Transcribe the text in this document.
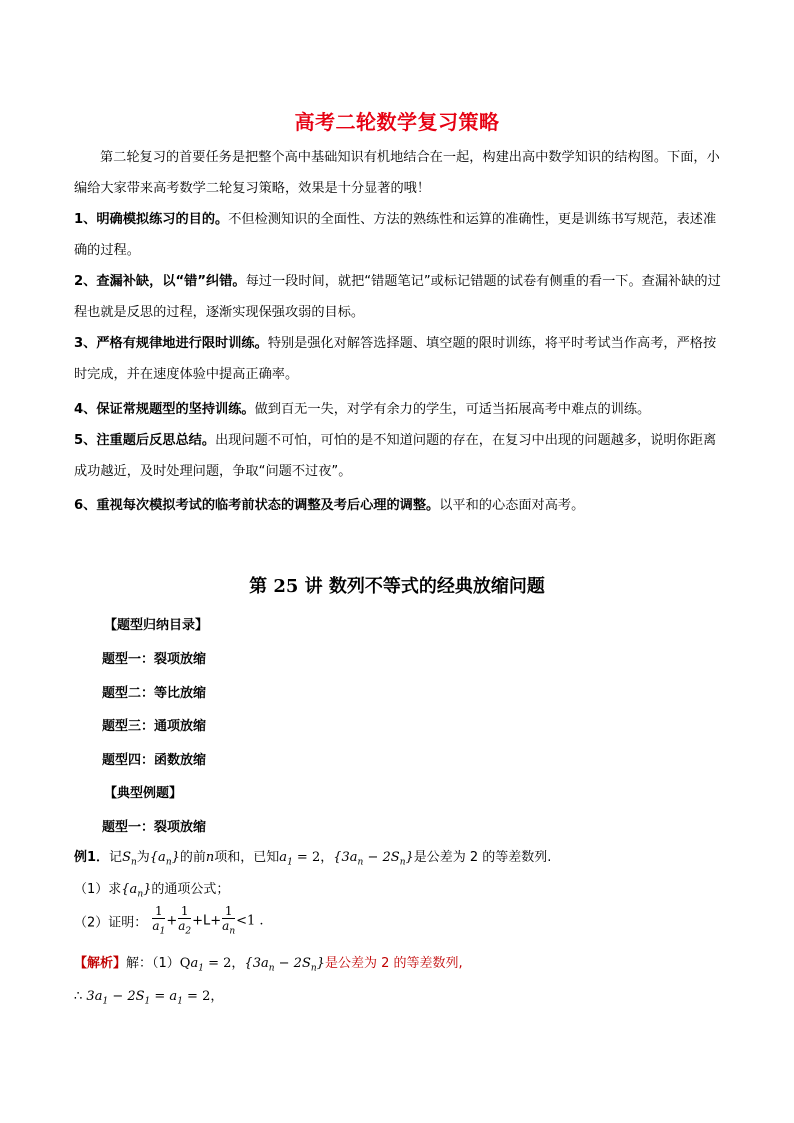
高考二轮数学复习策略
第二轮复习的首要任务是把整个高中基础知识有机地结合在一起，构建出高中数学知识的结构图。下面，小编给大家带来高考数学二轮复习策略，效果是十分显著的哦！
1、明确模拟练习的目的。不但检测知识的全面性、方法的熟练性和运算的准确性，更是训练书写规范，表述准确的过程。
2、查漏补缺，以“错”纠错。每过一段时间，就把“错题笔记”或标记错题的试卷有侧重的看一下。查漏补缺的过程也就是反思的过程，逐渐实现保强攻弱的目标。
3、严格有规律地进行限时训练。特别是强化对解答选择题、填空题的限时训练，将平时考试当作高考，严格按时完成，并在速度体验中提高正确率。
4、保证常规题型的坚持训练。做到百无一失，对学有余力的学生，可适当拓展高考中难点的训练。
5、注重题后反思总结。出现问题不可怕，可怕的是不知道问题的存在，在复习中出现的问题越多，说明你距离成功越近，及时处理问题，争取“问题不过夜”。
6、重视每次模拟考试的临考前状态的调整及考后心理的调整。以平和的心态面对高考。
第 25 讲 数列不等式的经典放缩问题
【题型归纳目录】
题型一：裂项放缩
题型二：等比放缩
题型三：通项放缩
题型四：函数放缩
【典型例题】
题型一：裂项放缩
例1．记$S_n$为$\{a_n\}$的前n项和，已知$a_1 = 2$，$\{3a_n - 2S_n\}$是公差为 2 的等差数列.
（1）求$\{a_n\}$的通项公式；
（2）证明： $\frac{1}{a_1} + \frac{1}{a_2} +L+ \frac{1}{a_n} <1$ .
【解析】解：$(1)Qa_1 = 2$，$\{3a_n - 2S_n\}$是公差为 2 的等差数列,
∴ $3a_1 - 2S_1 = a_1 = 2$，
